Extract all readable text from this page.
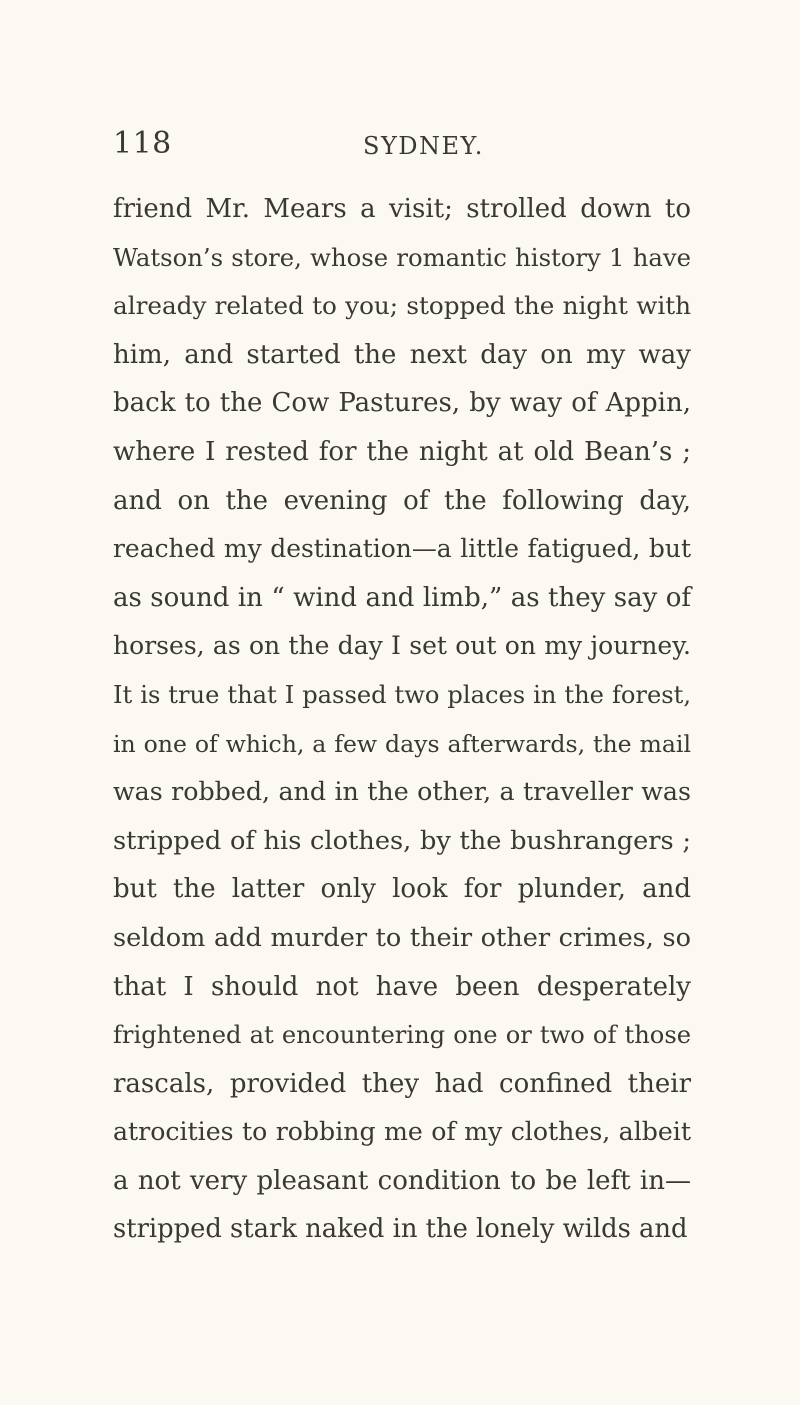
118	SYDNEY.
friend Mr. Mears a visit; strolled down to
Watson’s store, whose romantic history 1 have
already related to you; stopped the night with
him, and started the next day on my way
back to the Cow Pastures, by way of Appin,
where I rested for the night at old Bean’s ;
and on the evening of the following day,
reached my destination—a little fatigued, but
as sound in “ wind and limb,” as they say of
horses, as on the day I set out on my journey.
It is true that I passed two places in the forest,
in one of which, a few days afterwards, the mail
was robbed, and in the other, a traveller was
stripped of his clothes, by the bushrangers ;
but the latter only look for plunder, and
seldom add murder to their other crimes, so
that I should not have been desperately
frightened at encountering one or two of those
rascals, provided they had confined their
atrocities to robbing me of my clothes, albeit
a not very pleasant condition to be left in—
stripped stark naked in the lonely wilds and
